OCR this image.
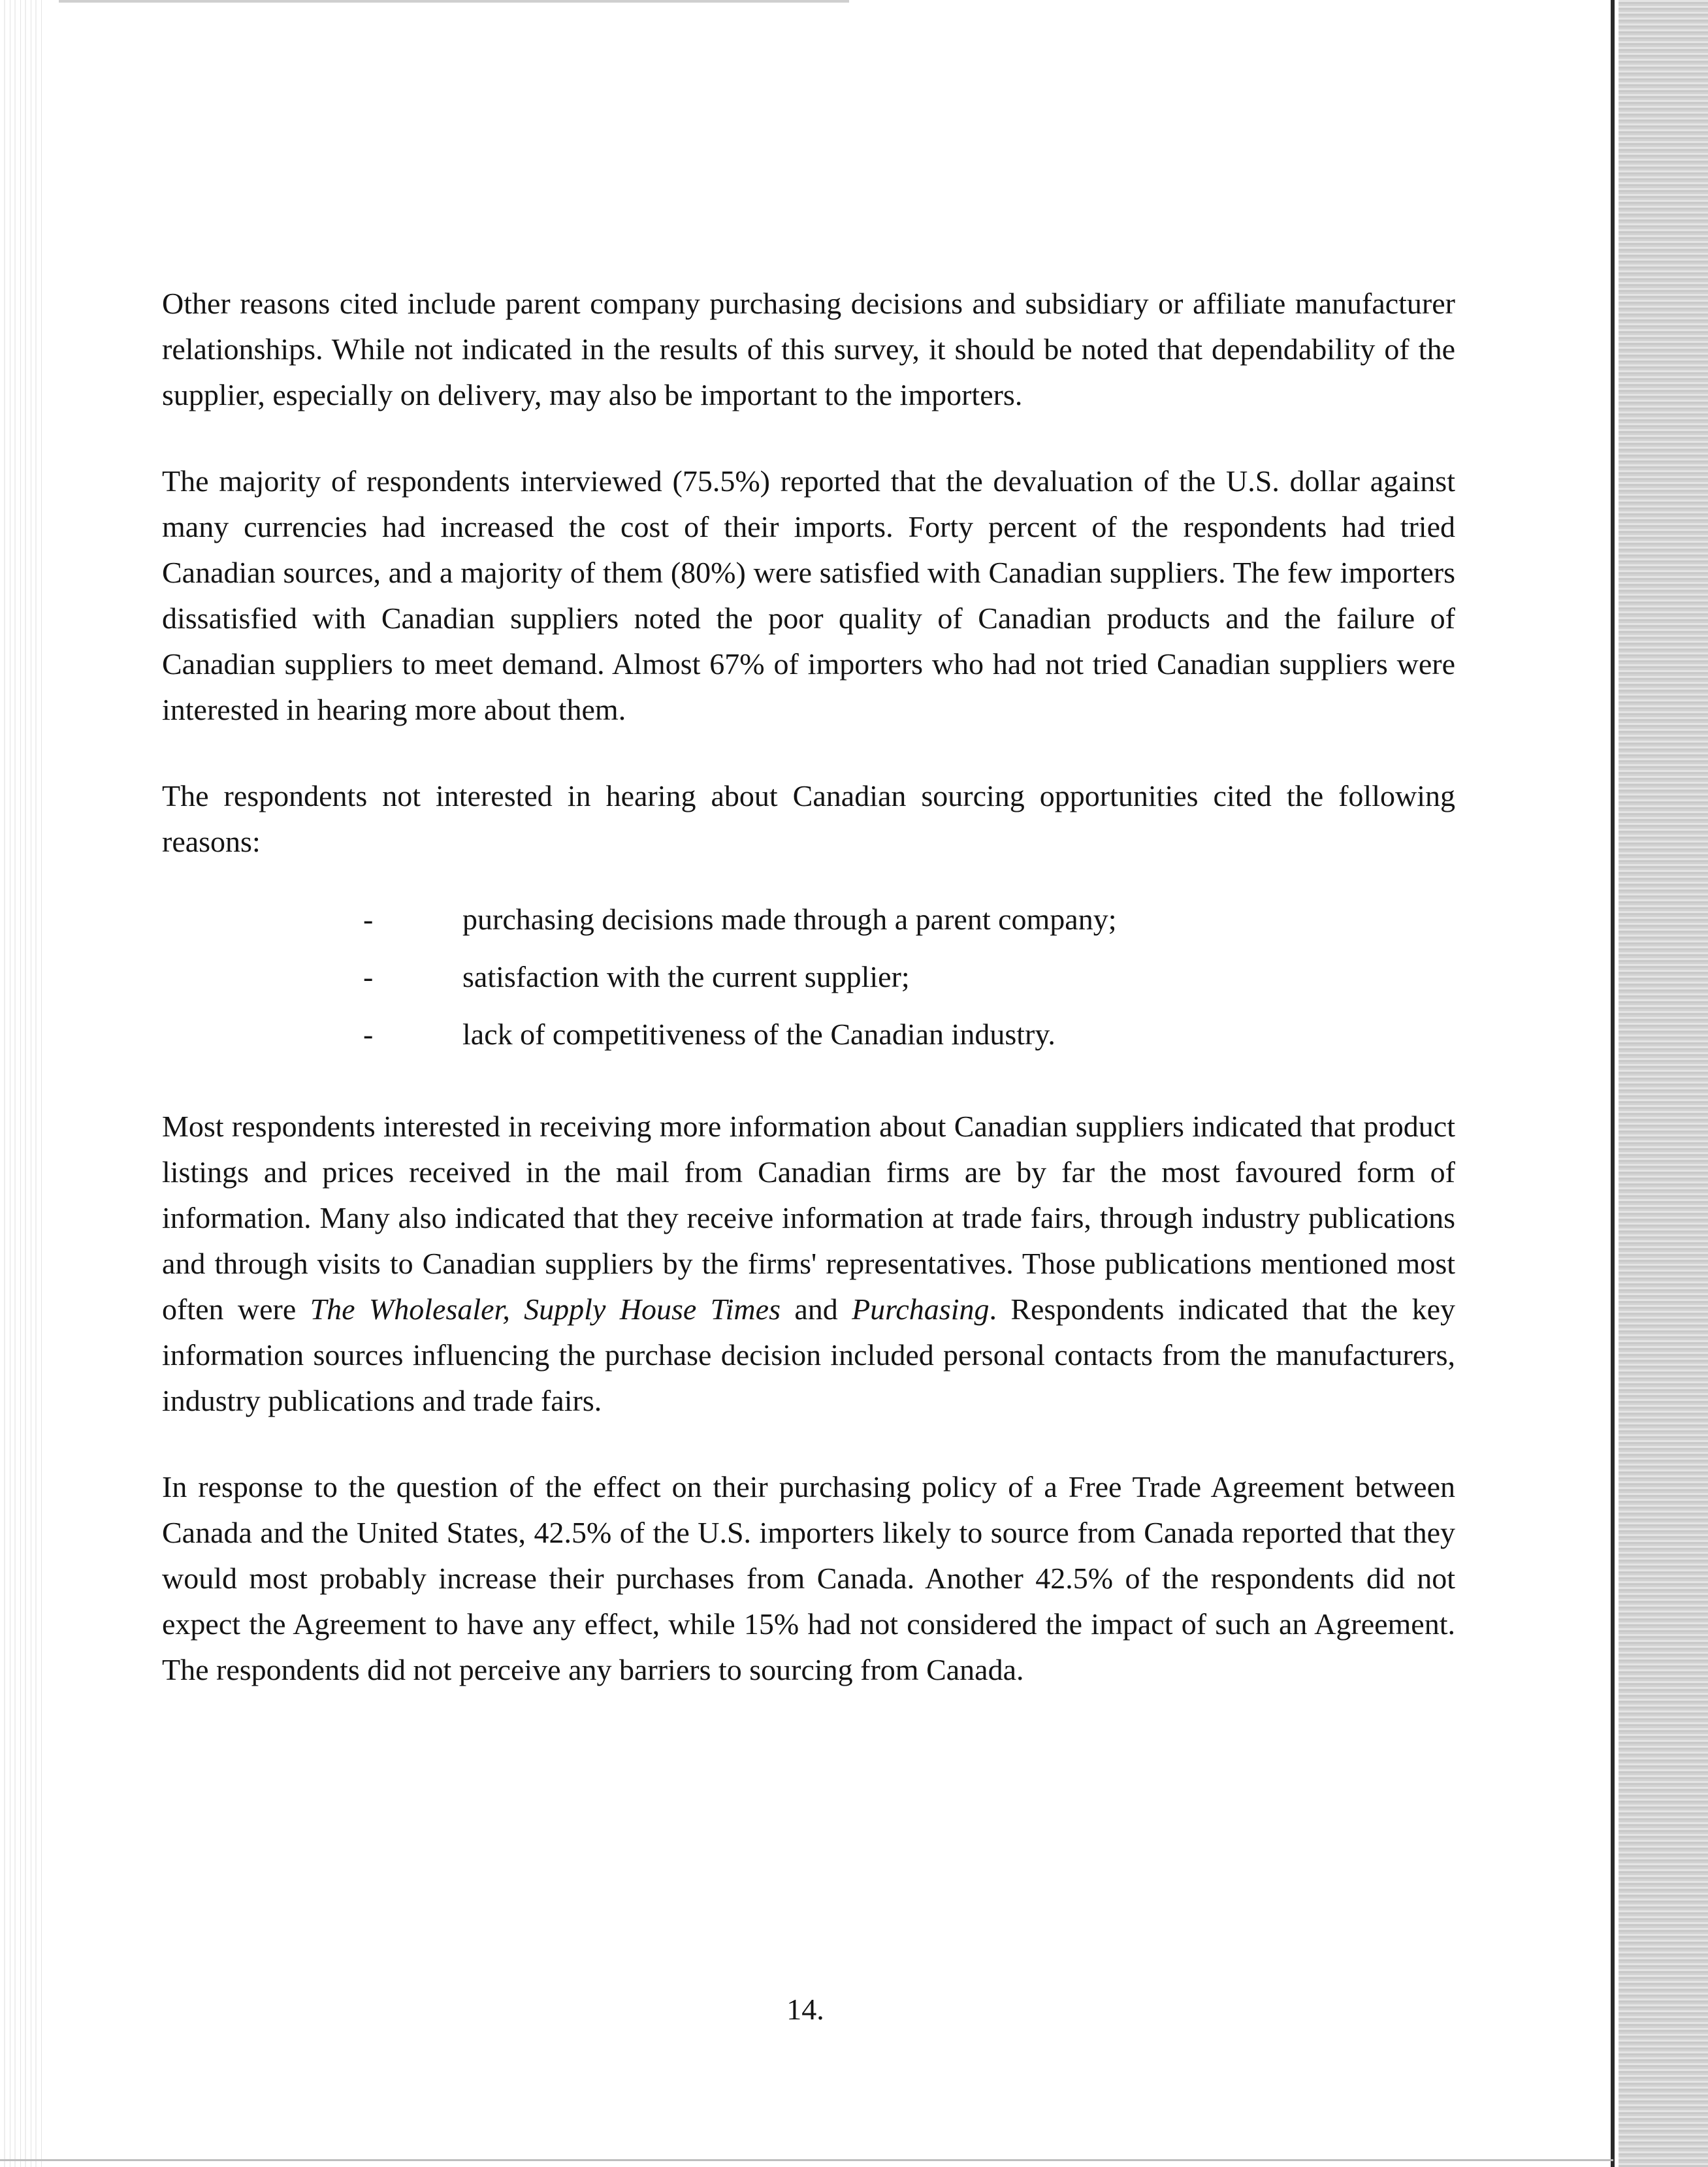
Other reasons cited include parent company purchasing decisions and subsidiary or affiliate manufacturer relationships. While not indicated in the results of this survey, it should be noted that dependability of the supplier, especially on delivery, may also be important to the importers.

The majority of respondents interviewed (75.5%) reported that the devaluation of the U.S. dollar against many currencies had increased the cost of their imports. Forty percent of the respondents had tried Canadian sources, and a majority of them (80%) were satisfied with Canadian suppliers. The few importers dissatisfied with Canadian suppliers noted the poor quality of Canadian products and the failure of Canadian suppliers to meet demand. Almost 67% of importers who had not tried Canadian suppliers were interested in hearing more about them.

The respondents not interested in hearing about Canadian sourcing opportunities cited the following reasons:

-	purchasing decisions made through a parent company;
-	satisfaction with the current supplier;
-	lack of competitiveness of the Canadian industry.

Most respondents interested in receiving more information about Canadian suppliers indicated that product listings and prices received in the mail from Canadian firms are by far the most favoured form of information. Many also indicated that they receive information at trade fairs, through industry publications and through visits to Canadian suppliers by the firms' representatives. Those publications mentioned most often were The Wholesaler, Supply House Times and Purchasing. Respondents indicated that the key information sources influencing the purchase decision included personal contacts from the manufacturers, industry publications and trade fairs.

In response to the question of the effect on their purchasing policy of a Free Trade Agreement between Canada and the United States, 42.5% of the U.S. importers likely to source from Canada reported that they would most probably increase their purchases from Canada. Another 42.5% of the respondents did not expect the Agreement to have any effect, while 15% had not considered the impact of such an Agreement. The respondents did not perceive any barriers to sourcing from Canada.

14.
